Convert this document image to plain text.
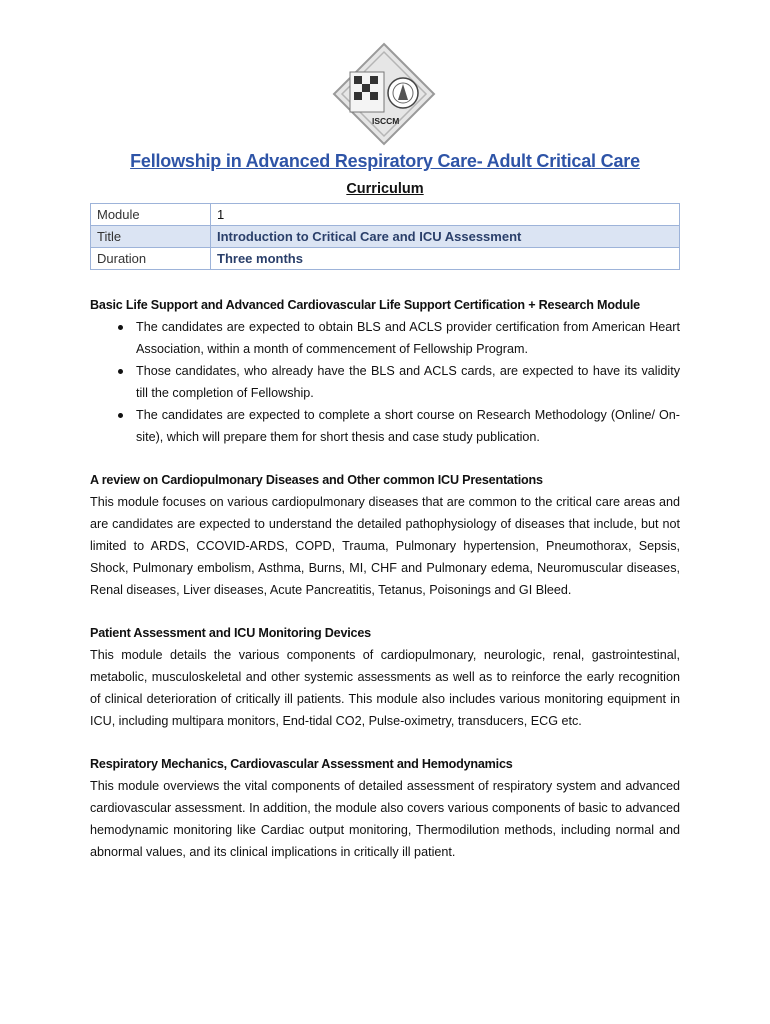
ISCCM
Fellowship in Advanced Respiratory Care- Adult Critical Care
Curriculum
Module	1
Title	Introduction to Critical Care and ICU Assessment
Duration	Three months
Basic Life Support and Advanced Cardiovascular Life Support Certification + Research Module
The candidates are expected to obtain BLS and ACLS provider certification from American Heart Association, within a month of commencement of Fellowship Program.
Those candidates, who already have the BLS and ACLS cards, are expected to have its validity till the completion of Fellowship.
The candidates are expected to complete a short course on Research Methodology (Online/ On-site), which will prepare them for short thesis and case study publication.
A review on Cardiopulmonary Diseases and Other common ICU Presentations
This module focuses on various cardiopulmonary diseases that are common to the critical care areas and are candidates are expected to understand the detailed pathophysiology of diseases that include, but not limited to ARDS, CCOVID-ARDS, COPD, Trauma, Pulmonary hypertension, Pneumothorax, Sepsis, Shock, Pulmonary embolism, Asthma, Burns, MI, CHF and Pulmonary edema, Neuromuscular diseases, Renal diseases, Liver diseases, Acute Pancreatitis, Tetanus, Poisonings and GI Bleed.
Patient Assessment and ICU Monitoring Devices
This module details the various components of cardiopulmonary, neurologic, renal, gastrointestinal, metabolic, musculoskeletal and other systemic assessments as well as to reinforce the early recognition of clinical deterioration of critically ill patients. This module also includes various monitoring equipment in ICU, including multipara monitors, End-tidal CO2, Pulse-oximetry, transducers, ECG etc.
Respiratory Mechanics, Cardiovascular Assessment and Hemodynamics
This module overviews the vital components of detailed assessment of respiratory system and advanced cardiovascular assessment. In addition, the module also covers various components of basic to advanced hemodynamic monitoring like Cardiac output monitoring, Thermodilution methods, including normal and abnormal values, and its clinical implications in critically ill patient.
